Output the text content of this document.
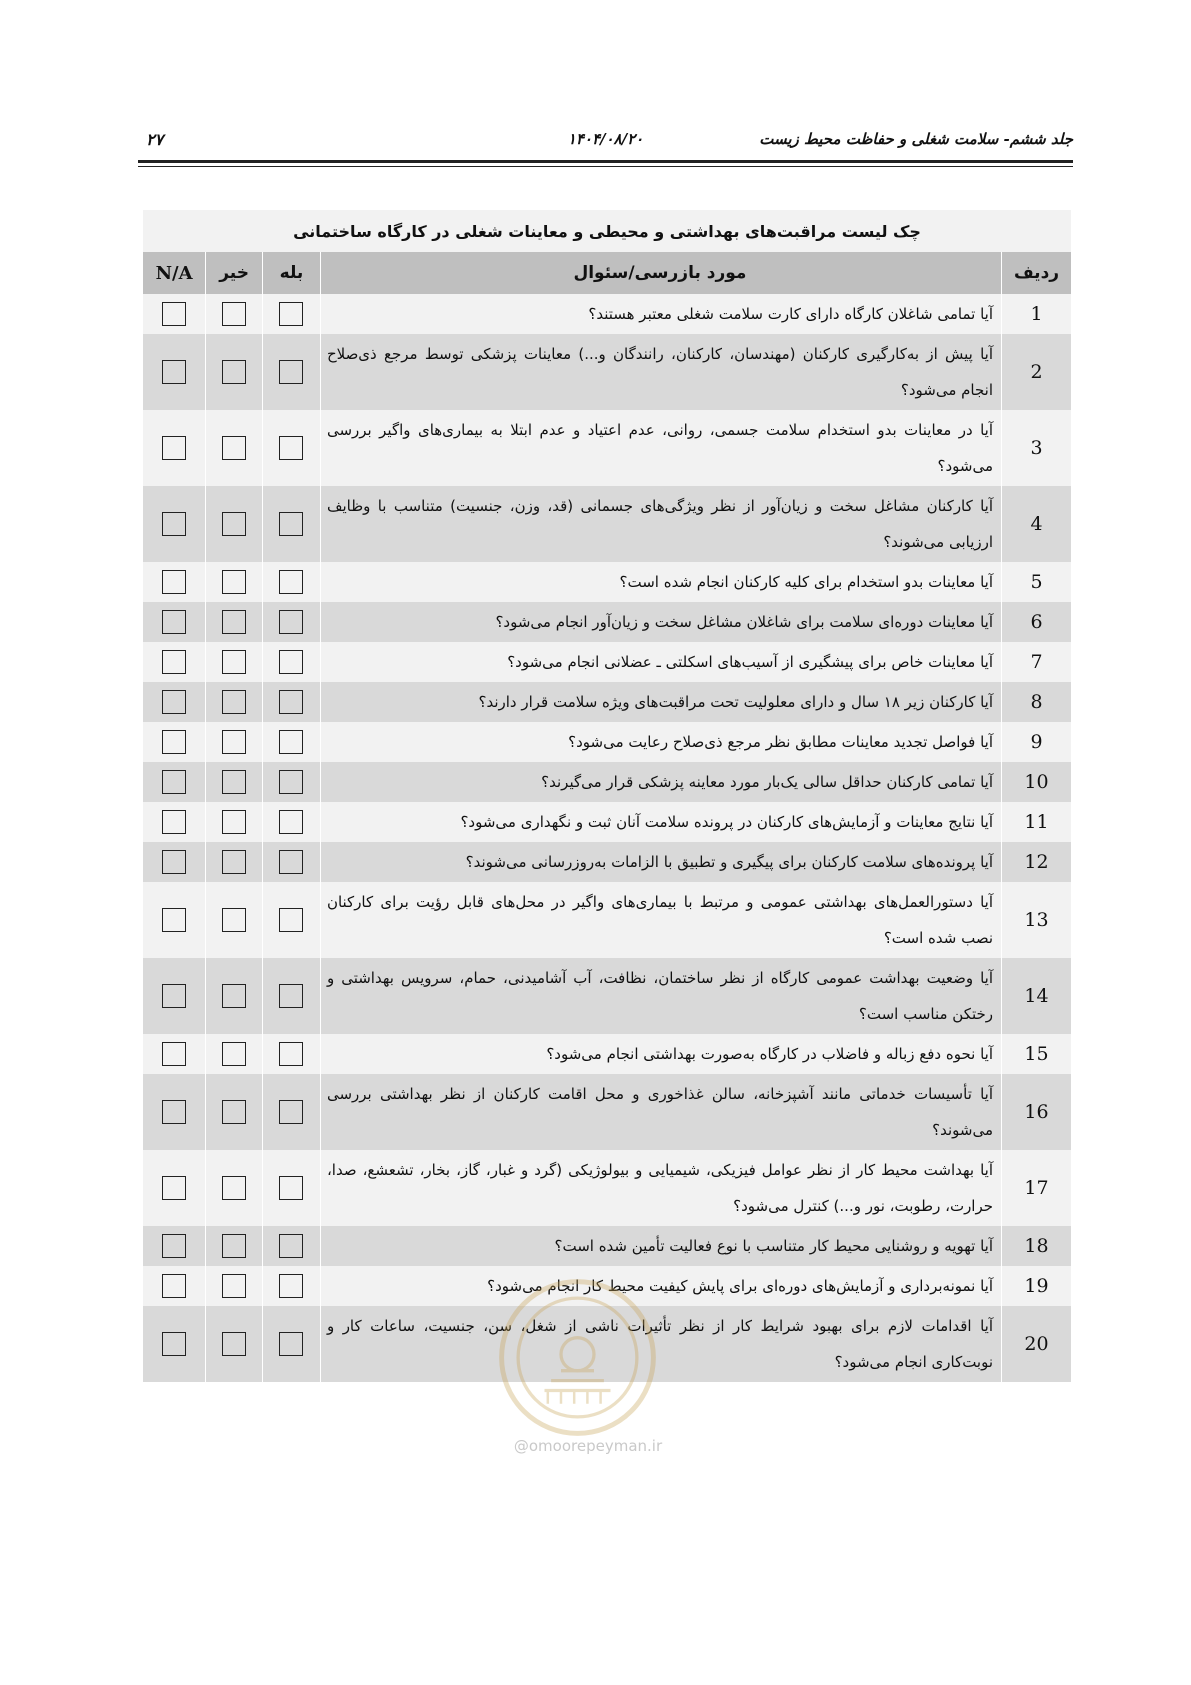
۲۷	۱۴۰۴/۰۸/۲۰	جلد ششم- سلامت شغلی و حفاظت محیط زیست
چک لیست مراقبت‌های بهداشتی و محیطی و معاینات شغلی در کارگاه ساختمانی				
ردیف	مورد بازرسی/سئوال	بله	خیر	N/A
1	آیا تمامی شاغلان کارگاه دارای کارت سلامت شغلی معتبر هستند؟			
2	آیا پیش از به‌کارگیری کارکنان (مهندسان، کارکنان، رانندگان و...) معاینات پزشکی توسط مرجع ذی‌صلاح انجام می‌شود؟			
3	آیا در معاینات بدو استخدام سلامت جسمی، روانی، عدم اعتیاد و عدم ابتلا به بیماری‌های واگیر بررسی می‌شود؟			
4	آیا کارکنان مشاغل سخت و زیان‌آور از نظر ویژگی‌های جسمانی (قد، وزن، جنسیت) متناسب با وظایف ارزیابی می‌شوند؟			
5	آیا معاینات بدو استخدام برای کلیه کارکنان انجام شده است؟			
6	آیا معاینات دوره‌ای سلامت برای شاغلان مشاغل سخت و زیان‌آور انجام می‌شود؟			
7	آیا معاینات خاص برای پیشگیری از آسیب‌های اسکلتی ـ عضلانی انجام می‌شود؟			
8	آیا کارکنان زیر ۱۸ سال و دارای معلولیت تحت مراقبت‌های ویژه سلامت قرار دارند؟			
9	آیا فواصل تجدید معاینات مطابق نظر مرجع ذی‌صلاح رعایت می‌شود؟			
10	آیا تمامی کارکنان حداقل سالی یک‌بار مورد معاینه پزشکی قرار می‌گیرند؟			
11	آیا نتایج معاینات و آزمایش‌های کارکنان در پرونده سلامت آنان ثبت و نگهداری می‌شود؟			
12	آیا پرونده‌های سلامت کارکنان برای پیگیری و تطبیق با الزامات به‌روزرسانی می‌شوند؟			
13	آیا دستورالعمل‌های بهداشتی عمومی و مرتبط با بیماری‌های واگیر در محل‌های قابل رؤیت برای کارکنان نصب شده است؟			
14	آیا وضعیت بهداشت عمومی کارگاه از نظر ساختمان، نظافت، آب آشامیدنی، حمام، سرویس بهداشتی و رختکن مناسب است؟			
15	آیا نحوه دفع زباله و فاضلاب در کارگاه به‌صورت بهداشتی انجام می‌شود؟			
16	آیا تأسیسات خدماتی مانند آشپزخانه، سالن غذاخوری و محل اقامت کارکنان از نظر بهداشتی بررسی می‌شوند؟			
17	آیا بهداشت محیط کار از نظر عوامل فیزیکی، شیمیایی و بیولوژیکی (گرد و غبار، گاز، بخار، تشعشع، صدا، حرارت، رطوبت، نور و...) کنترل می‌شود؟			
18	آیا تهویه و روشنایی محیط کار متناسب با نوع فعالیت تأمین شده است؟			
19	آیا نمونه‌برداری و آزمایش‌های دوره‌ای برای پایش کیفیت محیط کار انجام می‌شود؟			
20	آیا اقدامات لازم برای بهبود شرایط کار از نظر تأثیرات ناشی از شغل، سن، جنسیت، ساعات کار و نوبت‌کاری انجام می‌شود؟			
@omoorepeyman.ir
